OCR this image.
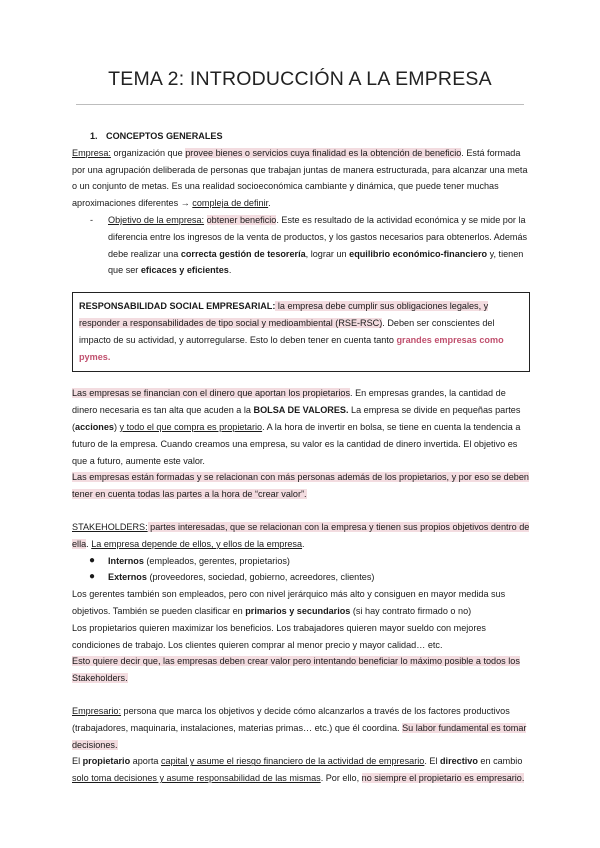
TEMA 2: INTRODUCCIÓN A LA EMPRESA

1. CONCEPTOS GENERALES

Empresa: organización que provee bienes o servicios cuya finalidad es la obtención de beneficio. Está formada por una agrupación deliberada de personas que trabajan juntas de manera estructurada, para alcanzar una meta o un conjunto de metas. Es una realidad socioeconómica cambiante y dinámica, que puede tener muchas aproximaciones diferentes → compleja de definir.

- Objetivo de la empresa: obtener beneficio. Este es resultado de la actividad económica y se mide por la diferencia entre los ingresos de la venta de productos, y los gastos necesarios para obtenerlos. Además debe realizar una correcta gestión de tesorería, lograr un equilibrio económico-financiero y, tienen que ser eficaces y eficientes.

RESPONSABILIDAD SOCIAL EMPRESARIAL: la empresa debe cumplir sus obligaciones legales, y responder a responsabilidades de tipo social y medioambiental (RSE-RSC). Deben ser conscientes del impacto de su actividad, y autorregularse. Esto lo deben tener en cuenta tanto grandes empresas como pymes.

Las empresas se financian con el dinero que aportan los propietarios. En empresas grandes, la cantidad de dinero necesaria es tan alta que acuden a la BOLSA DE VALORES. La empresa se divide en pequeñas partes (acciones) y todo el que compra es propietario. A la hora de invertir en bolsa, se tiene en cuenta la tendencia a futuro de la empresa. Cuando creamos una empresa, su valor es la cantidad de dinero invertida. El objetivo es que a futuro, aumente este valor.

Las empresas están formadas y se relacionan con más personas además de los propietarios, y por eso se deben tener en cuenta todas las partes a la hora de “crear valor”.

STAKEHOLDERS: partes interesadas, que se relacionan con la empresa y tienen sus propios objetivos dentro de ella. La empresa depende de ellos, y ellos de la empresa.

● Internos (empleados, gerentes, propietarios)

● Externos (proveedores, sociedad, gobierno, acreedores, clientes)

Los gerentes también son empleados, pero con nivel jerárquico más alto y consiguen en mayor medida sus objetivos. También se pueden clasificar en primarios y secundarios (si hay contrato firmado o no)

Los propietarios quieren maximizar los beneficios. Los trabajadores quieren mayor sueldo con mejores condiciones de trabajo. Los clientes quieren comprar al menor precio y mayor calidad… etc.

Esto quiere decir que, las empresas deben crear valor pero intentando beneficiar lo máximo posible a todos los Stakeholders.

Empresario: persona que marca los objetivos y decide cómo alcanzarlos a través de los factores productivos (trabajadores, maquinaria, instalaciones, materias primas… etc.) que él coordina. Su labor fundamental es tomar decisiones.

El propietario aporta capital y asume el riesgo financiero de la actividad de empresario. El directivo en cambio solo toma decisiones y asume responsabilidad de las mismas. Por ello, no siempre el propietario es empresario.
